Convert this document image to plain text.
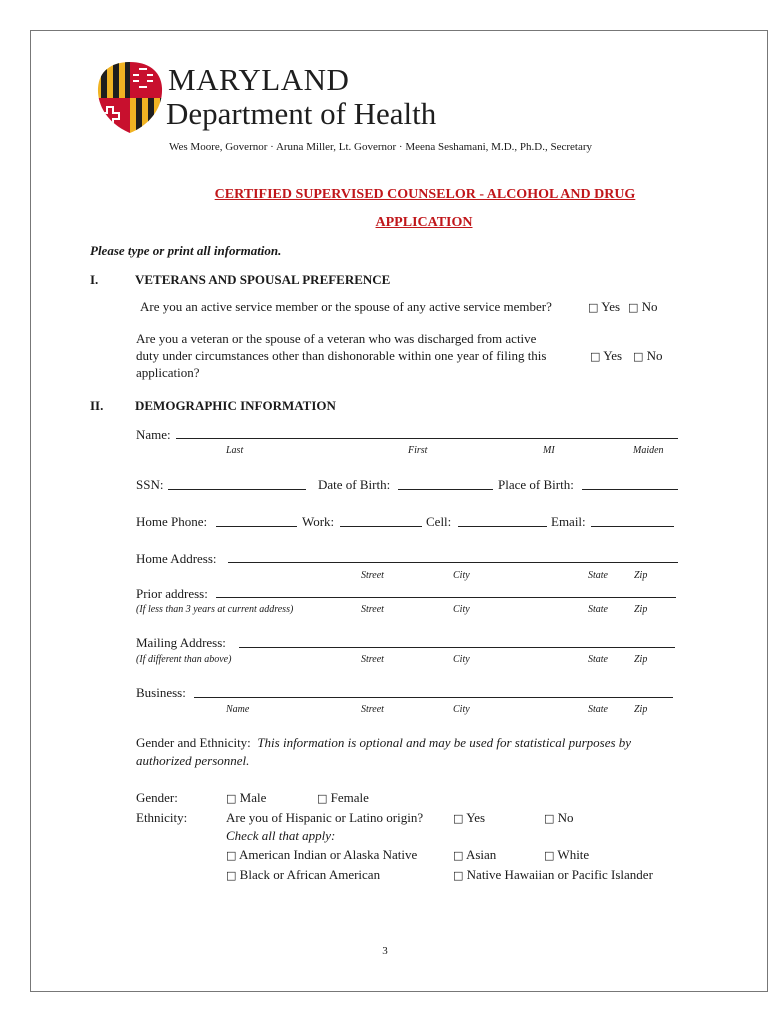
MARYLAND
Department of Health
Wes Moore, Governor · Aruna Miller, Lt. Governor · Meena Seshamani, M.D., Ph.D., Secretary
CERTIFIED SUPERVISED COUNSELOR - ALCOHOL AND DRUG
APPLICATION
Please type or print all information.
I.	VETERANS AND SPOUSAL PREFERENCE
Are you an active service member or the spouse of any active service member?	□ Yes □ No
Are you a veteran or the spouse of a veteran who was discharged from active
duty under circumstances other than dishonorable within one year of filing this
application?
□ Yes □ No
II. DEMOGRAPHIC INFORMATION
Name:
Last	First	MI	Maiden
SSN:	Date of Birth:	Place of Birth:
Home Phone:	Work:	Cell:	Email:
Home Address:
Street	City	State	Zip
Prior address:
(If less than 3 years at current address)	Street	City	State	Zip
Mailing Address:
(If different than above)	Street	City	State	Zip
Business:
Name	Street	City	State	Zip
Gender and Ethnicity: This information is optional and may be used for statistical purposes by
authorized personnel.
Gender:	□ Male	□ Female
Ethnicity:	Are you of Hispanic or Latino origin?	□ Yes	□ No
Check all that apply:
□ American Indian or Alaska Native	□ Asian	□ White
□ Black or African American	□ Native Hawaiian or Pacific Islander
3
